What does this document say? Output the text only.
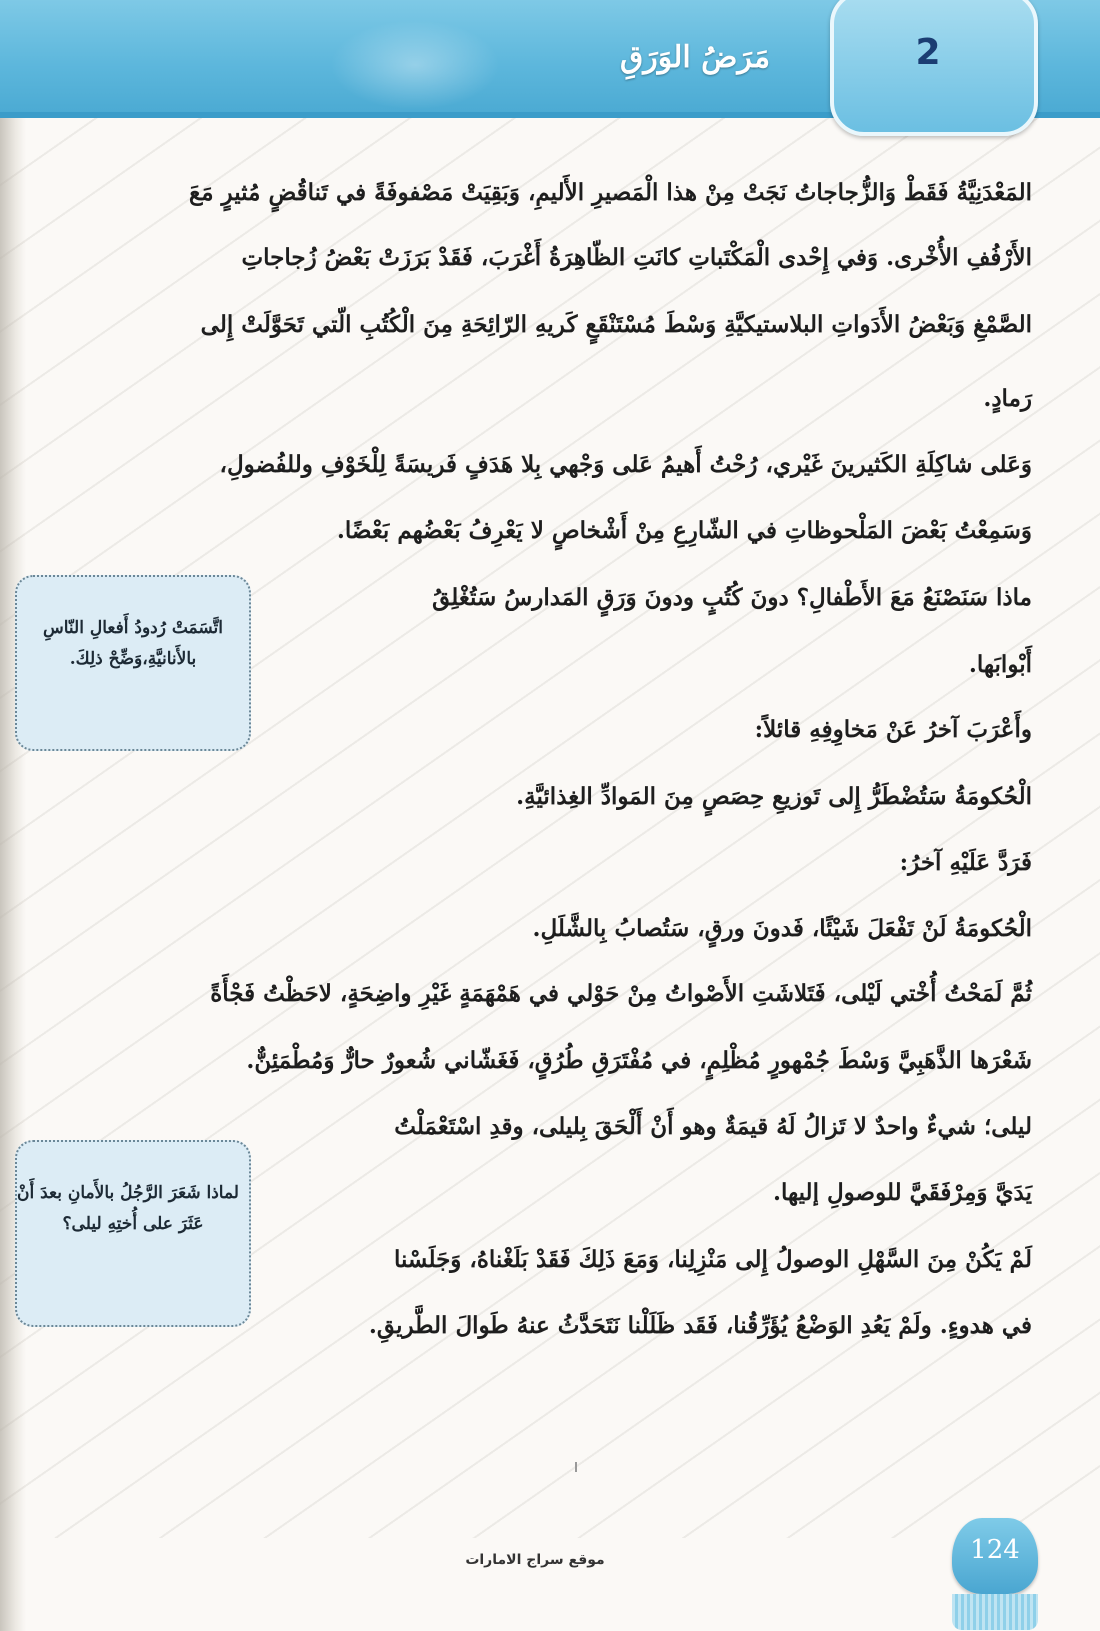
2
مَرَضُ الوَرَقِ
المَعْدَنِيَّةُ فَقَطْ وَالزُّجاجاتُ نَجَتْ مِنْ هذا الْمَصيرِ الأَليمِ، وَبَقِيَتْ مَصْفوفَةً في تَناقُضٍ مُثيرٍ مَعَ
الأَرْفُفِ الأُخْرى. وَفي إِحْدى الْمَكْتَباتِ كانَتِ الظّاهِرَةُ أَغْرَبَ، فَقَدْ بَرَزَتْ بَعْضُ زُجاجاتِ
الصَّمْغِ وَبَعْضُ الأَدَواتِ البلاستيكيَّةِ وَسْطَ مُسْتَنْقَعٍ كَريهِ الرّائِحَةِ مِنَ الْكُتُبِ الّتي تَحَوَّلَتْ إِلى
رَمادٍ.
وَعَلى شاكِلَةِ الكَثيرينَ غَيْري، رُحْتُ أَهيمُ عَلى وَجْهي بِلا هَدَفٍ فَريسَةً لِلْخَوْفِ وللفُضولِ،
وَسَمِعْتُ بَعْضَ المَلْحوظاتِ في الشّارِعِ مِنْ أَشْخاصٍ لا يَعْرِفُ بَعْضُهم بَعْضًا.
ماذا سَنَصْنَعُ مَعَ الأَطْفالِ؟ دونَ كُتُبٍ ودونَ وَرَقٍ المَدارسُ سَتُغْلِقُ
أَبْوابَها.
وأَعْرَبَ آخرُ عَنْ مَخاوِفِهِ قائلاً:
الْحُكومَةُ سَتُضْطَرُّ إِلى تَوزيعِ حِصَصٍ مِنَ المَوادِّ الغِذائيَّةِ.
فَرَدَّ عَلَيْهِ آخرُ:
الْحُكومَةُ لَنْ تَفْعَلَ شَيْئًا، فَدونَ ورقٍ، سَتُصابُ بِالشَّلَلِ.
ثُمَّ لَمَحْتُ أُخْتي لَيْلى، فَتَلاشَتِ الأَصْواتُ مِنْ حَوْلي في هَمْهَمَةٍ غَيْرِ واضِحَةٍ، لاحَظْتُ فَجْأَةً
شَعْرَها الذَّهَبِيَّ وَسْطَ جُمْهورٍ مُظْلِمٍ، في مُفْتَرَقِ طُرُقٍ، فَغَشّاني شُعورٌ حارٌّ وَمُطْمَئِنٌّ.
ليلى؛ شيءٌ واحدٌ لا تَزالُ لَهُ قيمَةٌ وهو أَنْ أَلْحَقَ بِليلى، وقدِ اسْتَعْمَلْتُ
يَدَيَّ وَمِرْفَقَيَّ للوصولِ إليها.
لَمْ يَكُنْ مِنَ السَّهْلِ الوصولُ إِلى مَنْزِلِنا، وَمَعَ ذَلِكَ فَقَدْ بَلَغْناهُ، وَجَلَسْنا
في هدوءٍ. ولَمْ يَعُدِ الوَضْعُ يُؤَرِّقُنا، فَقَد ظَلَلْنا نَتَحَدَّثُ عنهُ طَوالَ الطَّريقِ.
اتَّسَمَتْ رُدودُ أَفعالِ النّاسِ
بالأَنانيَّةِ،وَضِّحْ ذلِكَ.
لماذا شَعَرَ الرَّجُلُ بالأَمانِ بعدَ أَنْ
عَثَرَ على أُختِهِ ليلى؟
موقع سراج الامارات	124
